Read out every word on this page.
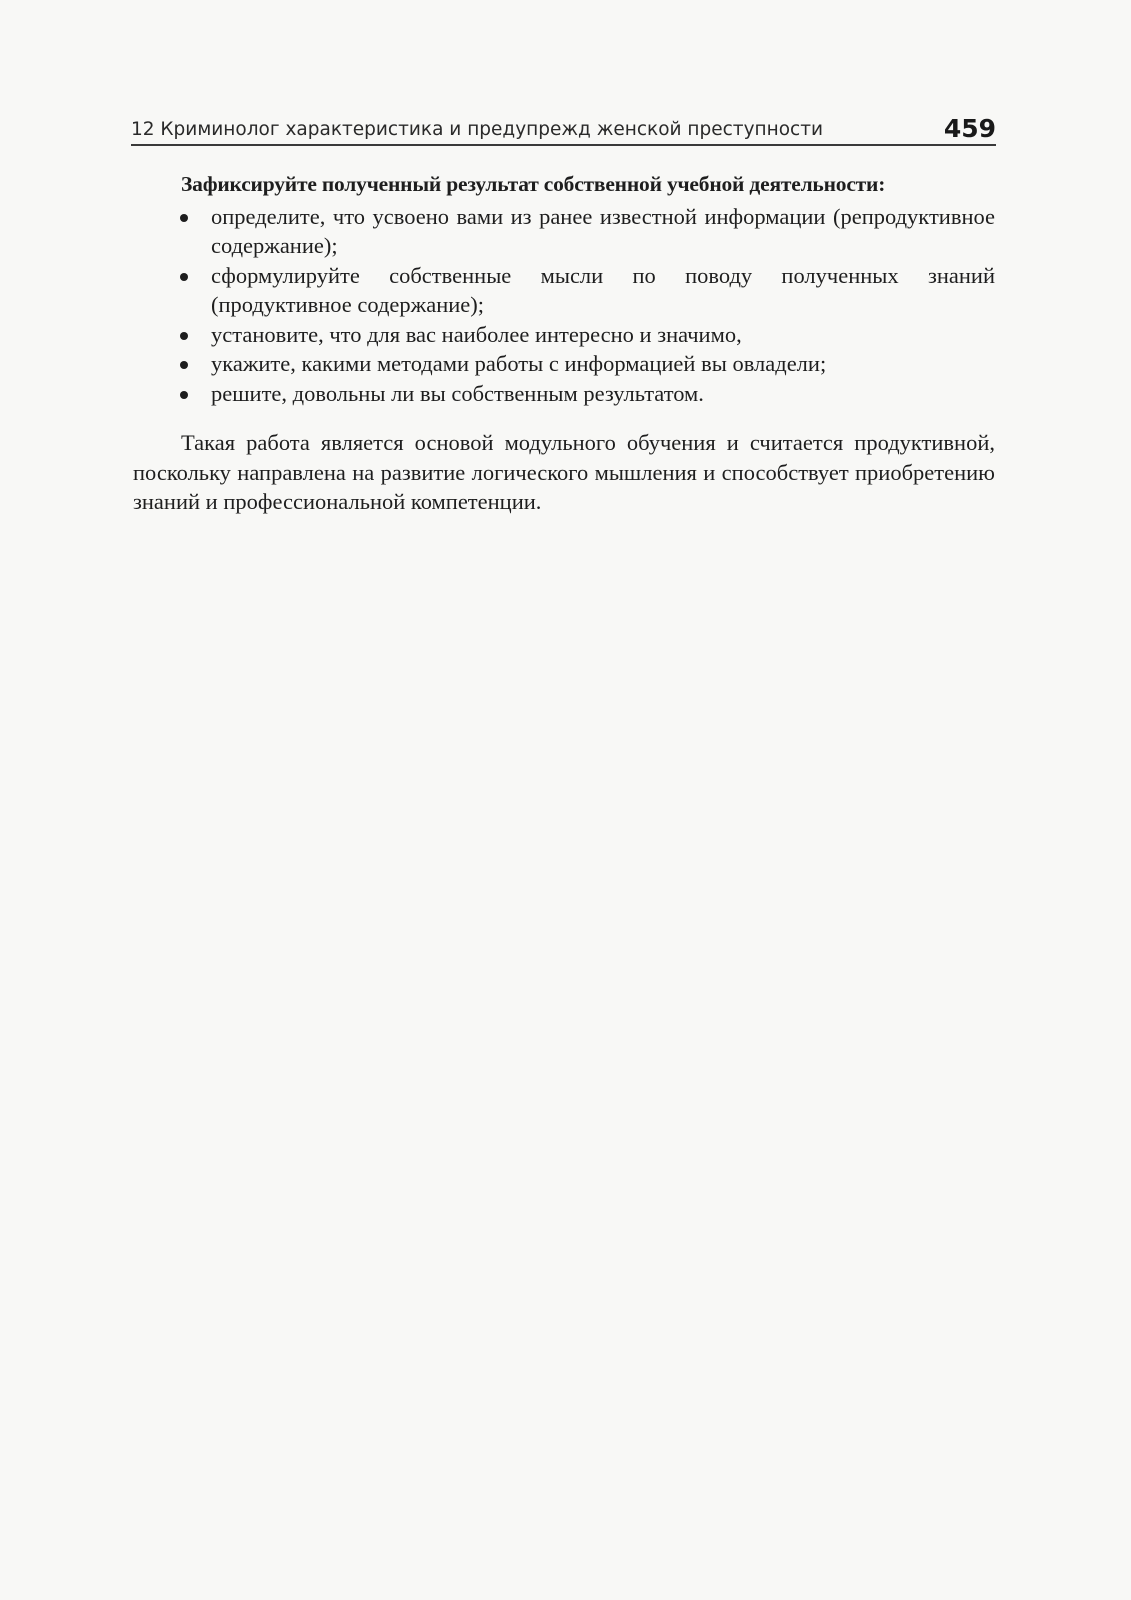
12 Криминолог характеристика и предупрежд женской преступности	459

Зафиксируйте полученный результат собственной учебной деятельности:

определите, что усвоено вами из ранее известной информации (репродуктивное содержание);
сформулируйте собственные мысли по поводу полученных знаний (продуктивное содержание);
установите, что для вас наиболее интересно и значимо,
укажите, какими методами работы с информацией вы овладели;
решите, довольны ли вы собственным результатом.

Такая работа является основой модульного обучения и считается продуктивной, поскольку направлена на развитие логического мышления и способствует приобретению знаний и профессиональной компетенции.
